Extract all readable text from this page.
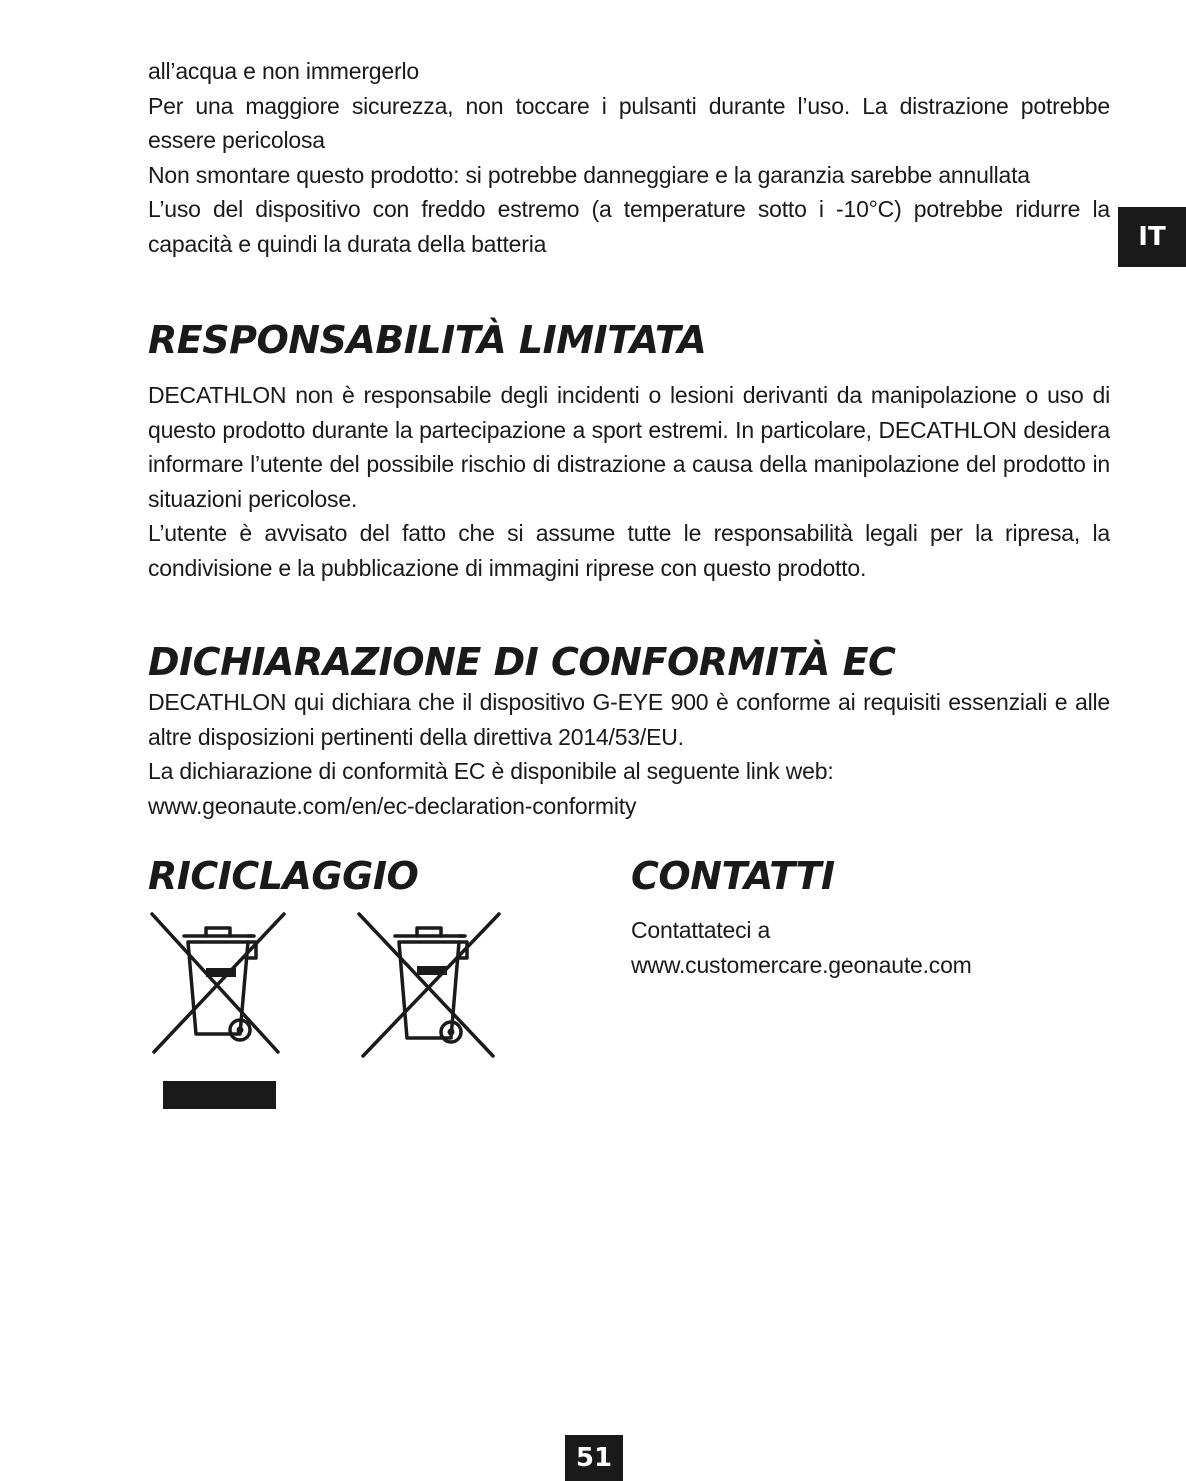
all’acqua e non immergerlo

Per una maggiore sicurezza, non toccare i pulsanti durante l’uso. La distrazione potrebbe essere pericolosa

Non smontare questo prodotto: si potrebbe danneggiare e la garanzia sarebbe annullata

L’uso del dispositivo con freddo estremo (a temperature sotto i -10°C) potrebbe ridurre la capacità e quindi la durata della batteria	IT
RESPONSABILITÀ LIMITATA

DECATHLON non è responsabile degli incidenti o lesioni derivanti da manipolazione o uso di questo prodotto durante la partecipazione a sport estremi. In particolare, DECATHLON desidera informare l’utente del possibile rischio di distrazione a causa della manipolazione del prodotto in situazioni pericolose.

L’utente è avvisato del fatto che si assume tutte le responsabilità legali per la ripresa, la condivisione e la pubblicazione di immagini riprese con questo prodotto.

DICHIARAZIONE DI CONFORMITÀ EC

DECATHLON qui dichiara che il dispositivo G-EYE 900 è conforme ai requisiti essenziali e alle altre disposizioni pertinenti della direttiva 2014/53/EU.

La dichiarazione di conformità EC è disponibile al seguente link web:

www.geonaute.com/en/ec-declaration-conformity

RICICLAGGIO	CONTATTI

Contattateci a

www.customercare.geonaute.com

51
